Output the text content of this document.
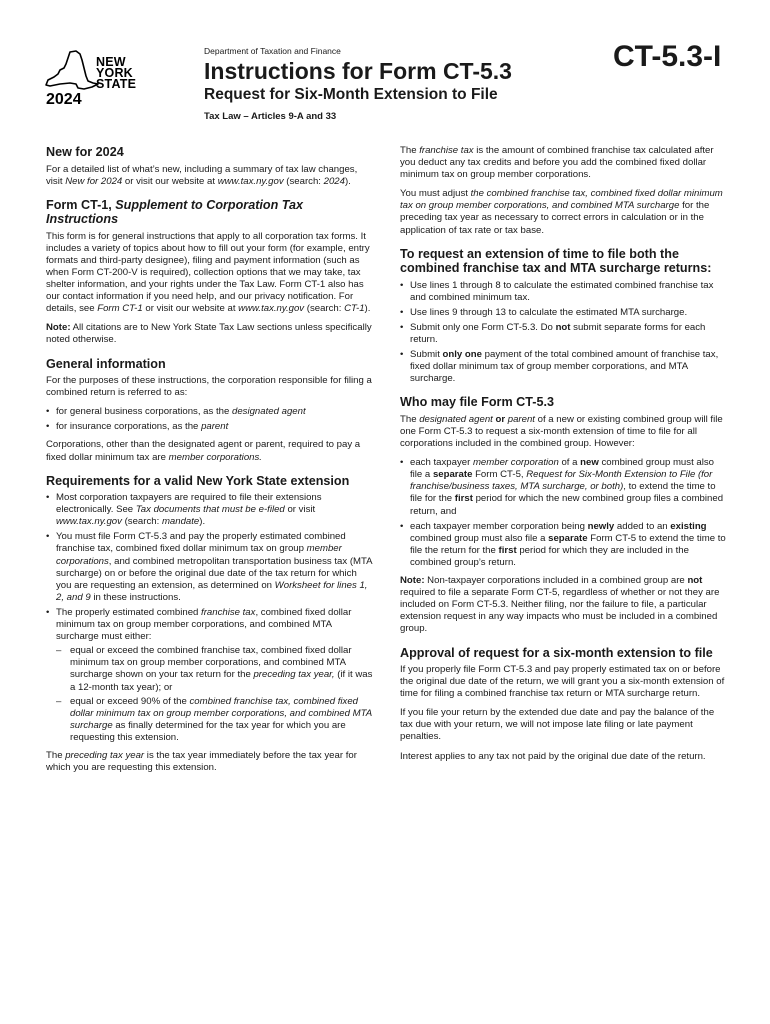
NEW
YORK
STATE
2024
Department of Taxation and Finance
Instructions for Form CT-5.3
Request for Six-Month Extension to File
Tax Law – Articles 9-A and 33
CT-5.3-I
New for 2024

For a detailed list of what’s new, including a summary of tax law changes, visit New for 2024 or visit our website at www.tax.ny.gov (search: 2024).

Form CT-1, Supplement to Corporation Tax Instructions

This form is for general instructions that apply to all corporation tax forms. It includes a variety of topics about how to fill out your form (for example, entry formats and third-party designee), filing and payment information (such as when Form CT-200-V is required), collection options that we may take, tax shelter information, and your rights under the Tax Law. Form CT-1 also has our contact information if you need help, and our privacy notification. For details, see Form CT-1 or visit our website at www.tax.ny.gov (search: CT-1).

Note: All citations are to New York State Tax Law sections unless specifically noted otherwise.

General information

For the purposes of these instructions, the corporation responsible for filing a combined return is referred to as:

• for general business corporations, as the designated agent
• for insurance corporations, as the parent

Corporations, other than the designated agent or parent, required to pay a fixed dollar minimum tax are member corporations.

Requirements for a valid New York State extension
• Most corporation taxpayers are required to file their extensions electronically. See Tax documents that must be e-filed or visit www.tax.ny.gov (search: mandate).
• You must file Form CT-5.3 and pay the properly estimated combined franchise tax, combined fixed dollar minimum tax on group member corporations, and combined metropolitan transportation business tax (MTA surcharge) on or before the original due date of the tax return for which you are requesting an extension, as determined on Worksheet for lines 1, 2, and 9 in these instructions.
• The properly estimated combined franchise tax, combined fixed dollar minimum tax on group member corporations, and combined MTA surcharge must either:
– equal or exceed the combined franchise tax, combined fixed dollar minimum tax on group member corporations, and combined MTA surcharge shown on your tax return for the preceding tax year, (if it was a 12-month tax year); or
– equal or exceed 90% of the combined franchise tax, combined fixed dollar minimum tax on group member corporations, and combined MTA surcharge as finally determined for the tax year for which you are requesting this extension.

The preceding tax year is the tax year immediately before the tax year for which you are requesting this extension.

The franchise tax is the amount of combined franchise tax calculated after you deduct any tax credits and before you add the combined fixed dollar minimum tax on group member corporations.

You must adjust the combined franchise tax, combined fixed dollar minimum tax on group member corporations, and combined MTA surcharge for the preceding tax year as necessary to correct errors in calculation or in the application of tax rate or tax base.

To request an extension of time to file both the combined franchise tax and MTA surcharge returns:
• Use lines 1 through 8 to calculate the estimated combined franchise tax and combined minimum tax.
• Use lines 9 through 13 to calculate the estimated MTA surcharge.
• Submit only one Form CT-5.3. Do not submit separate forms for each return.
• Submit only one payment of the total combined amount of franchise tax, fixed dollar minimum tax of group member corporations, and MTA surcharge.
Who may file Form CT-5.3

The designated agent or parent of a new or existing combined group will file one Form CT-5.3 to request a six-month extension of time to file for all corporations included in the combined group. However:

• each taxpayer member corporation of a new combined group must also file a separate Form CT-5, Request for Six-Month Extension to File (for franchise/business taxes, MTA surcharge, or both), to extend the time to file for the first period for which the new combined group files a combined return, and
• each taxpayer member corporation being newly added to an existing combined group must also file a separate Form CT-5 to extend the time to file the return for the first period for which they are included in the combined group’s return.

Note: Non-taxpayer corporations included in a combined group are not required to file a separate Form CT-5, regardless of whether or not they are included on Form CT-5.3. Neither filing, nor the failure to file, a particular extension request in any way impacts who must be included in a combined group.

Approval of request for a six-month extension to file

If you properly file Form CT-5.3 and pay properly estimated tax on or before the original due date of the return, we will grant you a six-month extension of time for filing a combined franchise tax return or MTA surcharge return.

If you file your return by the extended due date and pay the balance of the tax due with your return, we will not impose late filing or late payment penalties.

Interest applies to any tax not paid by the original due date of the return.
